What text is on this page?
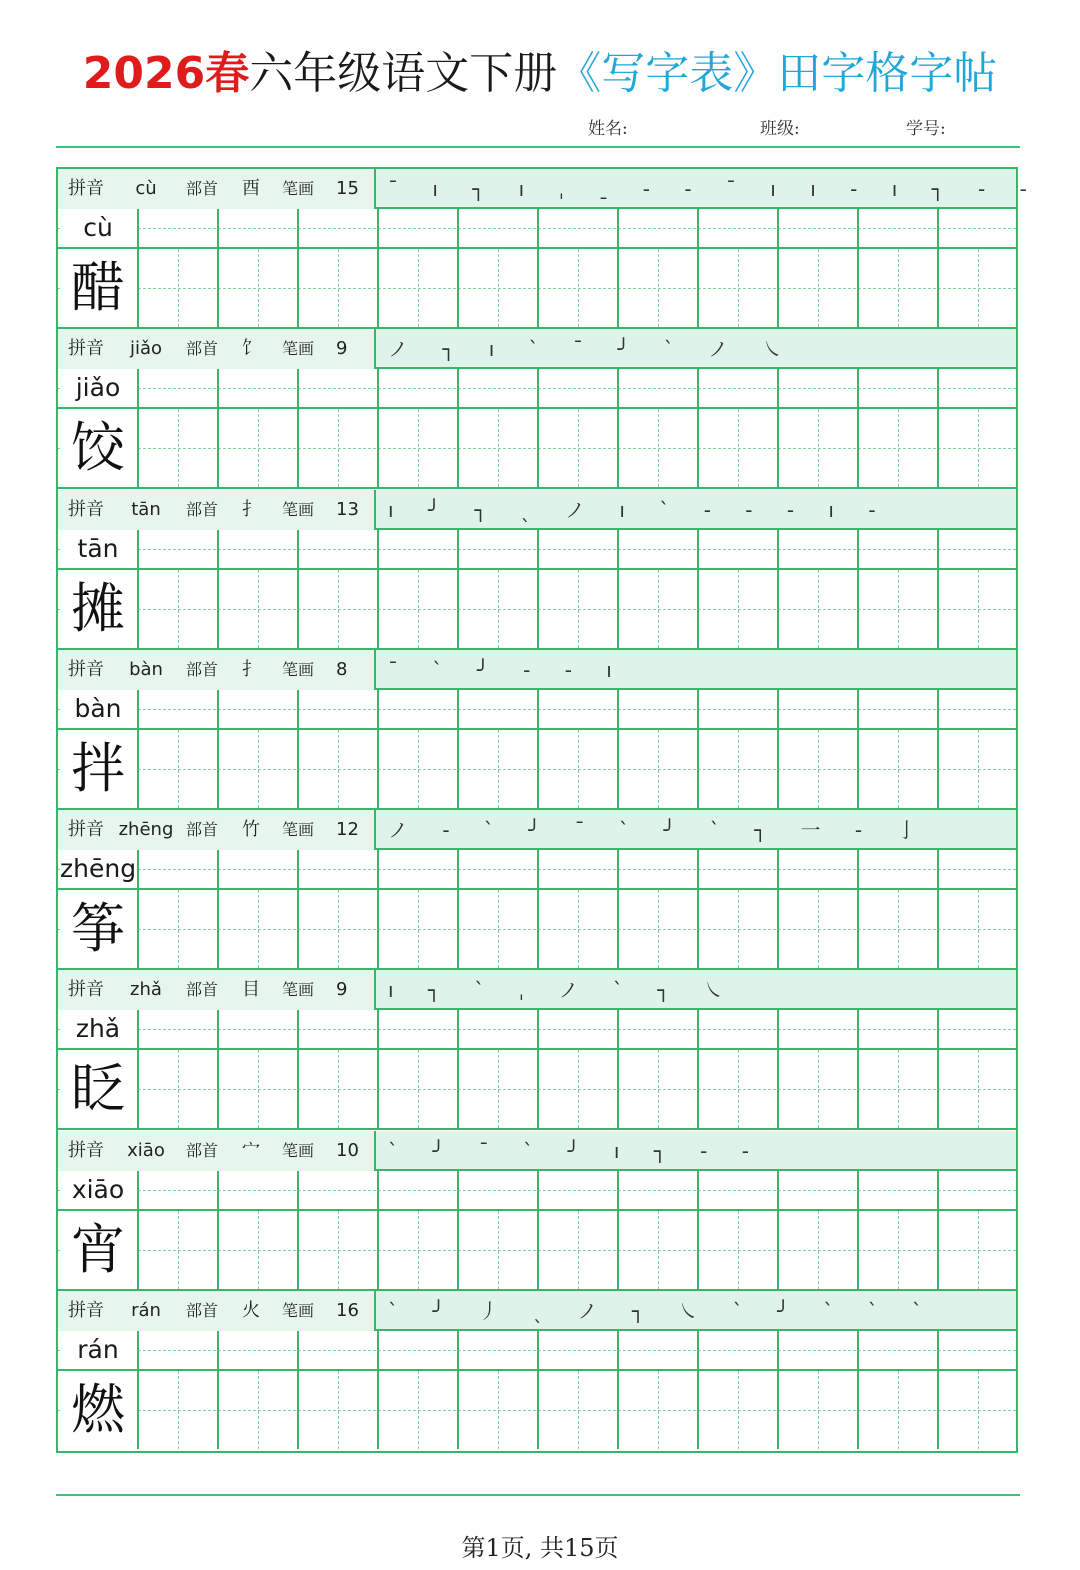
2026春六年级语文下册《写字表》田字格字帖
姓名:	班级:	学号:
拼音	cù	部首 酉 笔画 15 ˉ ı ┐ ı ˌ ˍ ‐ ‐ ˉ ı ı ‐ ı ┐ ‐ ‐
cù
醋
拼音	jiǎo	部首 饣 笔画 9 ノ ┐ ı ˋ ˉ ╯ ˋ ノ ㇏
jiǎo
饺
拼音	tān	部首 扌 笔画 13 ı ╯ ┐ ˎ ノ ı ˋ ‐ ‐ ‐ ı ‐
tān
摊
拼音	bàn	部首 扌 笔画 8 ˉ ˋ ╯ ‐ ‐ ı
bàn
拌
拼音 zhēng 部首 竹 笔画 12 ノ ‐ ˋ ╯ ˉ ˋ ╯ ˋ ┐ 一 ‐ 亅
zhēng
筝
拼音	zhǎ	部首 目 笔画 9 ı ┐ ˋ ˌ ノ ˋ ┐ ㇏
zhǎ
眨
拼音	xiāo	部首 宀 笔画 10 ˋ ╯ ˉ ˋ ╯ ı ┐ ‐ ‐
xiāo
宵
拼音	rán	部首 火 笔画 16 ˋ ╯ 丿 ˎ ノ ┐ ㇏ ˋ ╯ ˋ ˋ ˋ
rán
燃
第1页, 共15页
